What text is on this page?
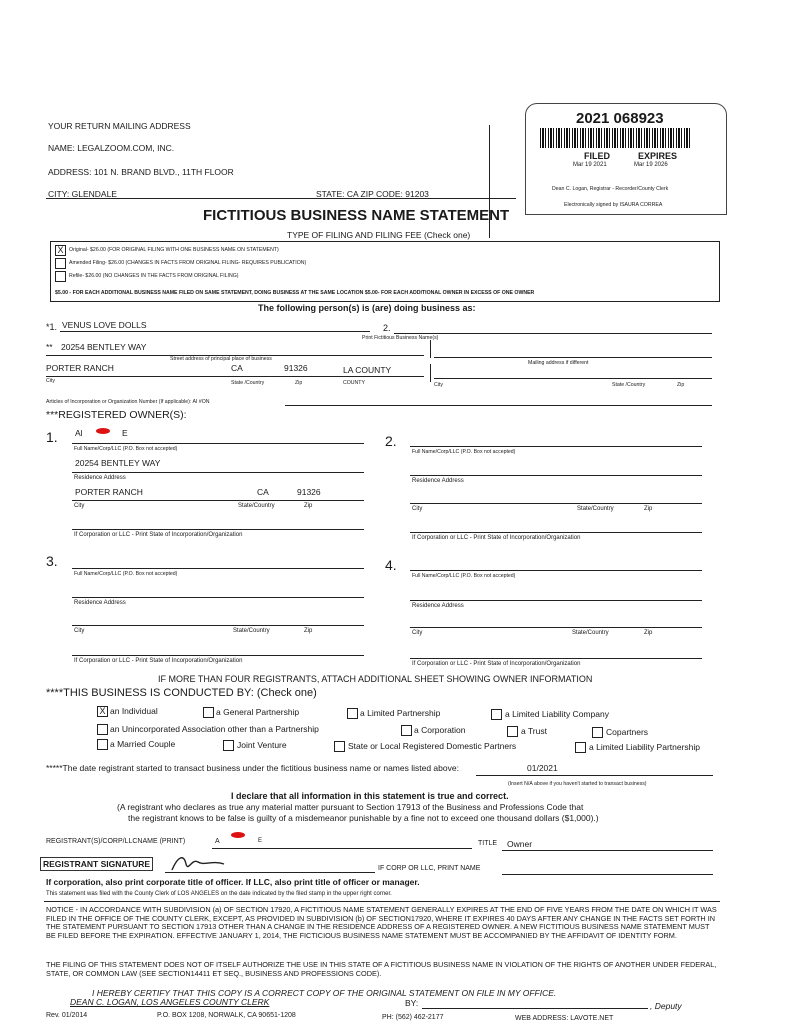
YOUR RETURN MAILING ADDRESS
NAME: LEGALZOOM.COM, INC.
ADDRESS: 101 N. BRAND BLVD., 11TH FLOOR
CITY: GLENDALE	STATE: CA ZIP CODE: 91203
2021 068923
FILED
Mar 19 2021
EXPIRES
Mar 19 2026
Dean C. Logan, Registrar - Recorder/County Clerk
Electronically signed by ISAURA CORREA
FICTITIOUS BUSINESS NAME STATEMENT
TYPE OF FILING AND FILING FEE (Check one)
X	Original- $26.00 (FOR ORIGINAL FILING WITH ONE BUSINESS NAME ON STATEMENT)
Amended Filing- $26.00 (CHANGES IN FACTS FROM ORIGINAL FILING- REQUIRES PUBLICATION)
Refile- $26.00 (NO CHANGES IN THE FACTS FROM ORIGINAL FILING)
$5.00 - FOR EACH ADDITIONAL BUSINESS NAME FILED ON SAME STATEMENT, DOING BUSINESS AT THE SAME LOCATION $5.00- FOR EACH ADDITIONAL OWNER IN EXCESS OF ONE OWNER
The following person(s) is (are) doing business as:
*1. VENUS LOVE DOLLS	2.
Print Fictitious Business Name(s)
** 20254 BENTLEY WAY
Street address of principal place of business
Mailing address if different
PORTER RANCH	CA	91326	LA COUNTY
City	State /Country	Zip	COUNTY	City	State /Country	Zip
Articles of Incorporation or Organization Number (If applicable): AI #ON
***REGISTERED OWNER(S):
1. Al	E
Full Name/Corp/LLC (P.O. Box not accepted)
20254 BENTLEY WAY
Residence Address
PORTER RANCH	CA	91326
City	State/Country	Zip
If Corporation or LLC - Print State of Incorporation/Organization
2.
Full Name/Corp/LLC (P.O. Box not accepted)
Residence Address
City	State/Country	Zip
If Corporation or LLC - Print State of Incorporation/Organization
3.
Full Name/Corp/LLC (P.O. Box not accepted)
Residence Address
City	State/Country	Zip
If Corporation or LLC - Print State of Incorporation/Organization
4.
Full Name/Corp/LLC (P.O. Box not accepted)
Residence Address
City	State/Country	Zip
If Corporation or LLC - Print State of Incorporation/Organization
IF MORE THAN FOUR REGISTRANTS, ATTACH ADDITIONAL SHEET SHOWING OWNER INFORMATION
****THIS BUSINESS IS CONDUCTED BY: (Check one)
X an Individual	a General Partnership	a Limited Partnership	a Limited Liability Company
an Unincorporated Association other than a Partnership	a Corporation	a Trust	Copartners
a Married Couple	Joint Venture	State or Local Registered Domestic Partners	a Limited Liability Partnership
*****The date registrant started to transact business under the fictitious business name or names listed above:	01/2021
(Insert N/A above if you haven't started to transact business)
I declare that all information in this statement is true and correct.
(A registrant who declares as true any material matter pursuant to Section 17913 of the Business and Professions Code that
the registrant knows to be false is guilty of a misdemeanor punishable by a fine not to exceed one thousand dollars ($1,000).)
REGISTRANT(S)/CORP/LLCNAME (PRINT)	A	E	TITLE Owner
REGISTRANT SIGNATURE	IF CORP OR LLC, PRINT NAME
If corporation, also print corporate title of officer. If LLC, also print title of officer or manager.
This statement was filed with the County Clerk of LOS ANGELES on the date indicated by the filed stamp in the upper right corner.
NOTICE - IN ACCORDANCE WITH SUBDIVISION (a) OF SECTION 17920, A FICTITIOUS NAME STATEMENT GENERALLY EXPIRES AT THE END OF FIVE YEARS FROM THE DATE ON WHICH IT WAS FILED IN THE OFFICE OF THE COUNTY CLERK, EXCEPT, AS PROVIDED IN SUBDIVISION (b) OF SECTION17920, WHERE IT EXPIRES 40 DAYS AFTER ANY CHANGE IN THE FACTS SET FORTH IN THE STATEMENT PURSUANT TO SECTION 17913 OTHER THAN A CHANGE IN THE RESIDENCE ADDRESS OF A REGISTERED OWNER. A NEW FICTITIOUS BUSINESS NAME STATEMENT MUST BE FILED BEFORE THE EXPIRATION. EFFECTIVE JANUARY 1, 2014, THE FICTICIOUS BUSINESS NAME STATEMENT MUST BE ACCOMPANIED BY THE AFFIDAVIT OF IDENTITY FORM.
THE FILING OF THIS STATEMENT DOES NOT OF ITSELF AUTHORIZE THE USE IN THIS STATE OF A FICTITIOUS BUSINESS NAME IN VIOLATION OF THE RIGHTS OF ANOTHER UNDER FEDERAL, STATE, OR COMMON LAW (SEE SECTION14411 ET SEQ., BUSINESS AND PROFESSIONS CODE).
I HEREBY CERTIFY THAT THIS COPY IS A CORRECT COPY OF THE ORIGINAL STATEMENT ON FILE IN MY OFFICE.
DEAN C. LOGAN, LOS ANGELES COUNTY CLERK	BY:	, Deputy
Rev. 01/2014	P.O. BOX 1208, NORWALK, CA 90651-1208	PH: (562) 462-2177	WEB ADDRESS: LAVOTE.NET
